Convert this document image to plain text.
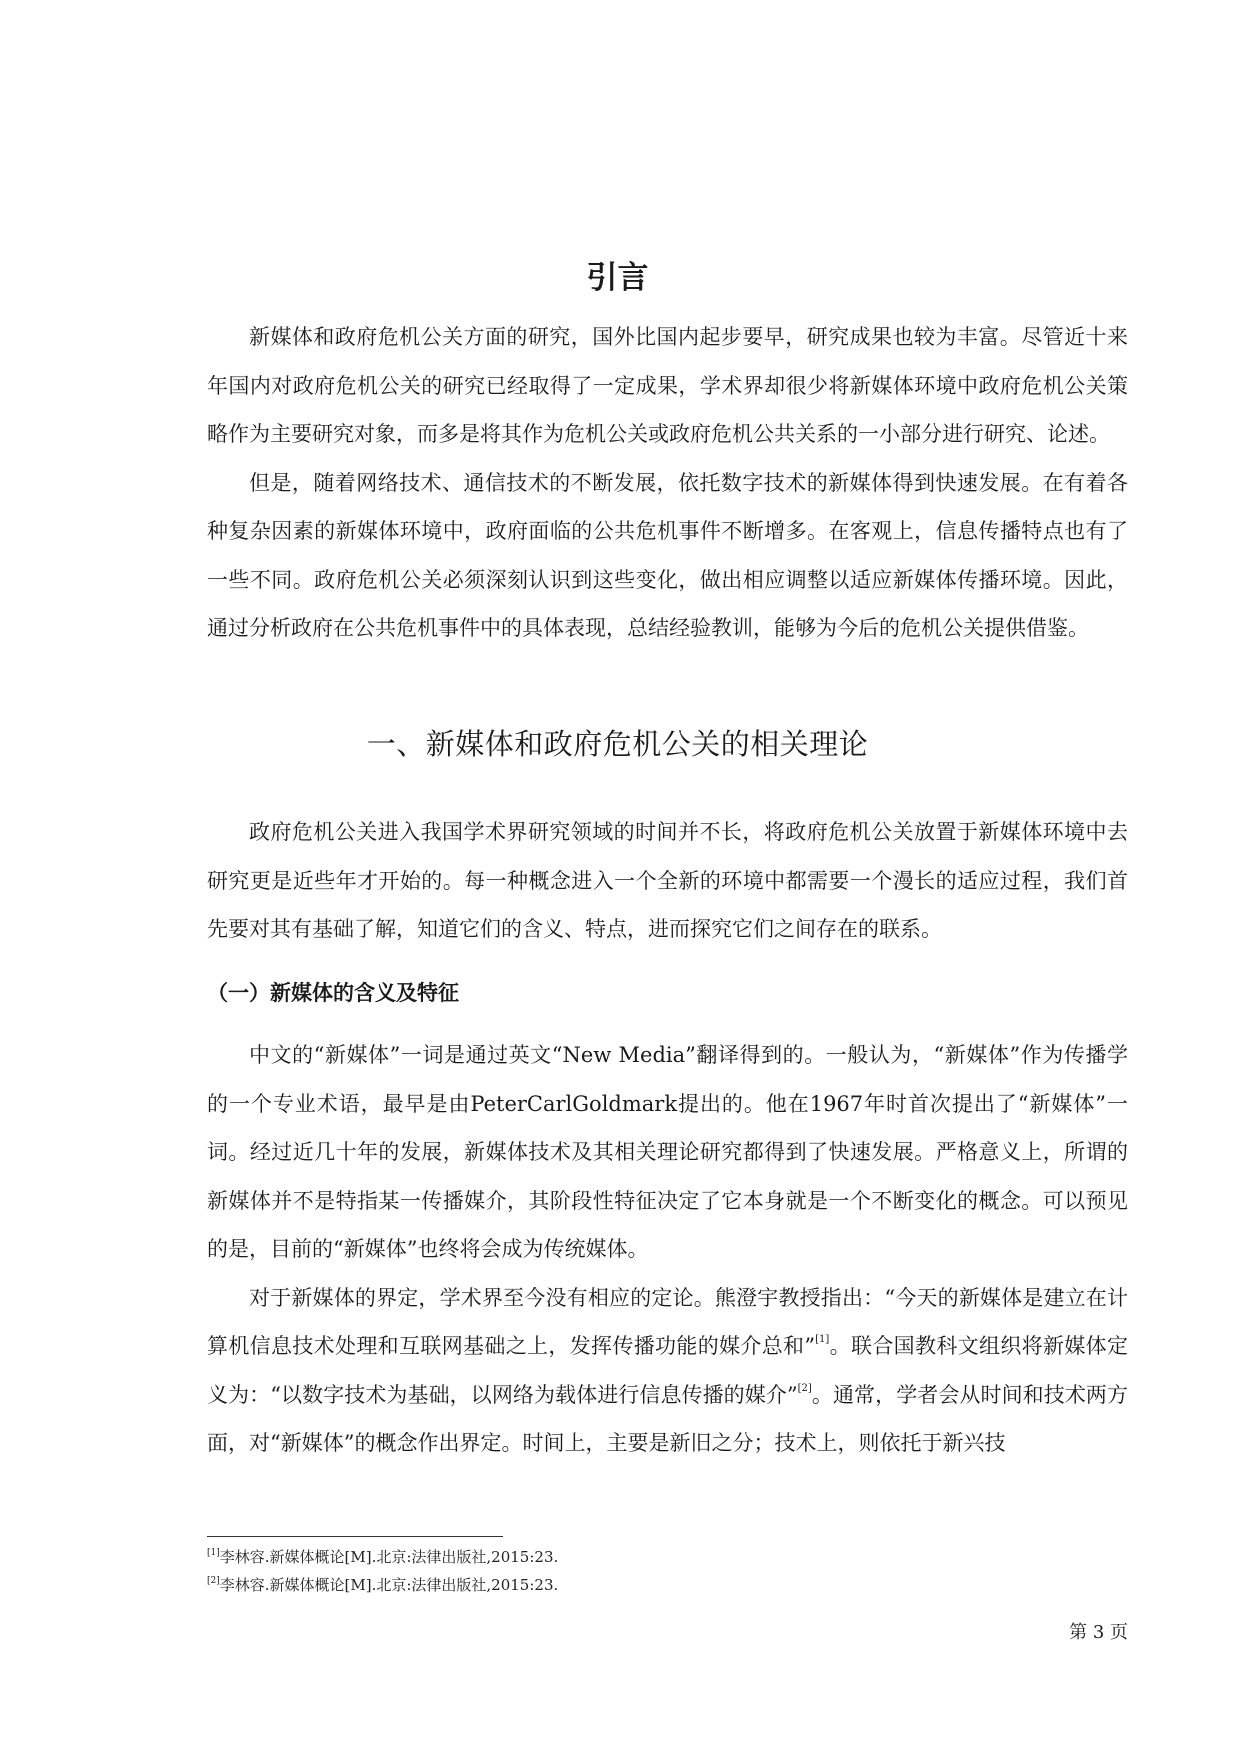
引言

新媒体和政府危机公关方面的研究，国外比国内起步要早，研究成果也较为丰富。尽管近十来年国内对政府危机公关的研究已经取得了一定成果，学术界却很少将新媒体环境中政府危机公关策略作为主要研究对象，而多是将其作为危机公关或政府危机公共关系的一小部分进行研究、论述。

但是，随着网络技术、通信技术的不断发展，依托数字技术的新媒体得到快速发展。在有着各种复杂因素的新媒体环境中，政府面临的公共危机事件不断增多。在客观上，信息传播特点也有了一些不同。政府危机公关必须深刻认识到这些变化，做出相应调整以适应新媒体传播环境。因此，通过分析政府在公共危机事件中的具体表现，总结经验教训，能够为今后的危机公关提供借鉴。

一、新媒体和政府危机公关的相关理论

政府危机公关进入我国学术界研究领域的时间并不长，将政府危机公关放置于新媒体环境中去研究更是近些年才开始的。每一种概念进入一个全新的环境中都需要一个漫长的适应过程，我们首先要对其有基础了解，知道它们的含义、特点，进而探究它们之间存在的联系。

（一）新媒体的含义及特征

中文的“新媒体”一词是通过英文“New Media”翻译得到的。一般认为，“新媒体”作为传播学的一个专业术语，最早是由PeterCarlGoldmark提出的。他在1967年时首次提出了“新媒体”一词。经过近几十年的发展，新媒体技术及其相关理论研究都得到了快速发展。严格意义上，所谓的新媒体并不是特指某一传播媒介，其阶段性特征决定了它本身就是一个不断变化的概念。可以预见的是，目前的“新媒体”也终将会成为传统媒体。

对于新媒体的界定，学术界至今没有相应的定论。熊澄宇教授指出：“今天的新媒体是建立在计算机信息技术处理和互联网基础之上，发挥传播功能的媒介总和”[1]。联合国教科文组织将新媒体定义为：“以数字技术为基础，以网络为载体进行信息传播的媒介”[2]。通常，学者会从时间和技术两方面，对“新媒体”的概念作出界定。时间上，主要是新旧之分；技术上，则依托于新兴技

[1]李林容.新媒体概论[M].北京:法律出版社,2015:23.

[2]李林容.新媒体概论[M].北京:法律出版社,2015:23.

第 3 页
